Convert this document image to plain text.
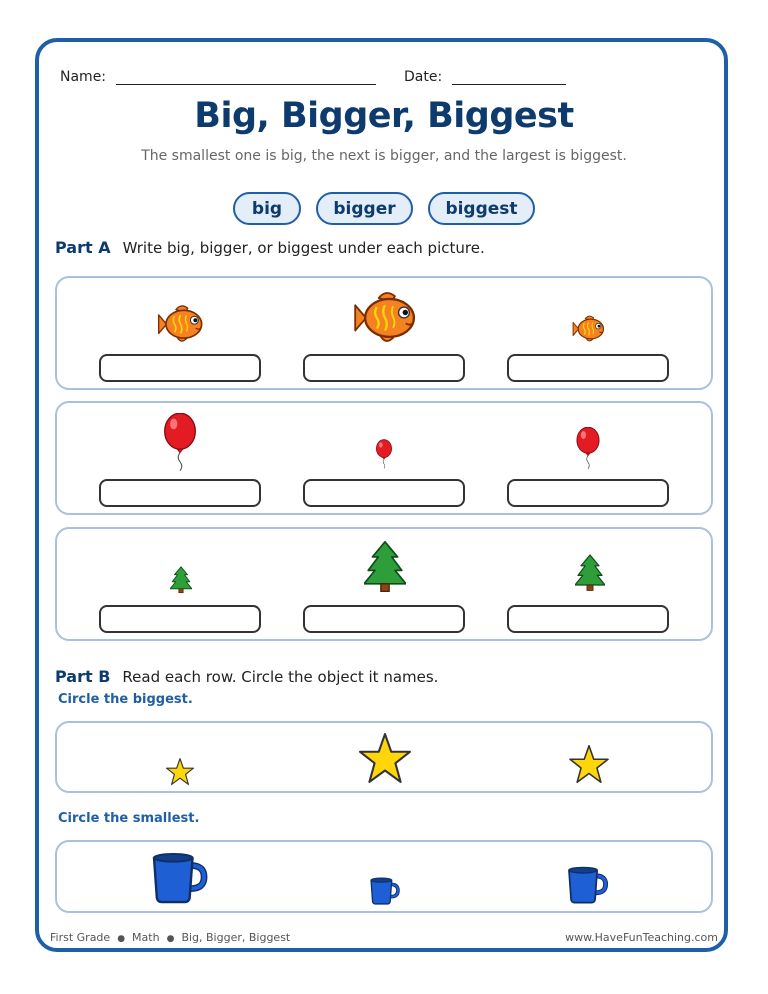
Name:	Date:
Big, Bigger, Biggest
The smallest one is big, the next is bigger, and the largest is biggest.
big	bigger	biggest
Part A Write big, bigger, or biggest under each picture.
Part B Read each row. Circle the object it names.
Circle the biggest.
Circle the smallest.
First Grade ● Math ● Big, Bigger, Biggest	www.HaveFunTeaching.com
